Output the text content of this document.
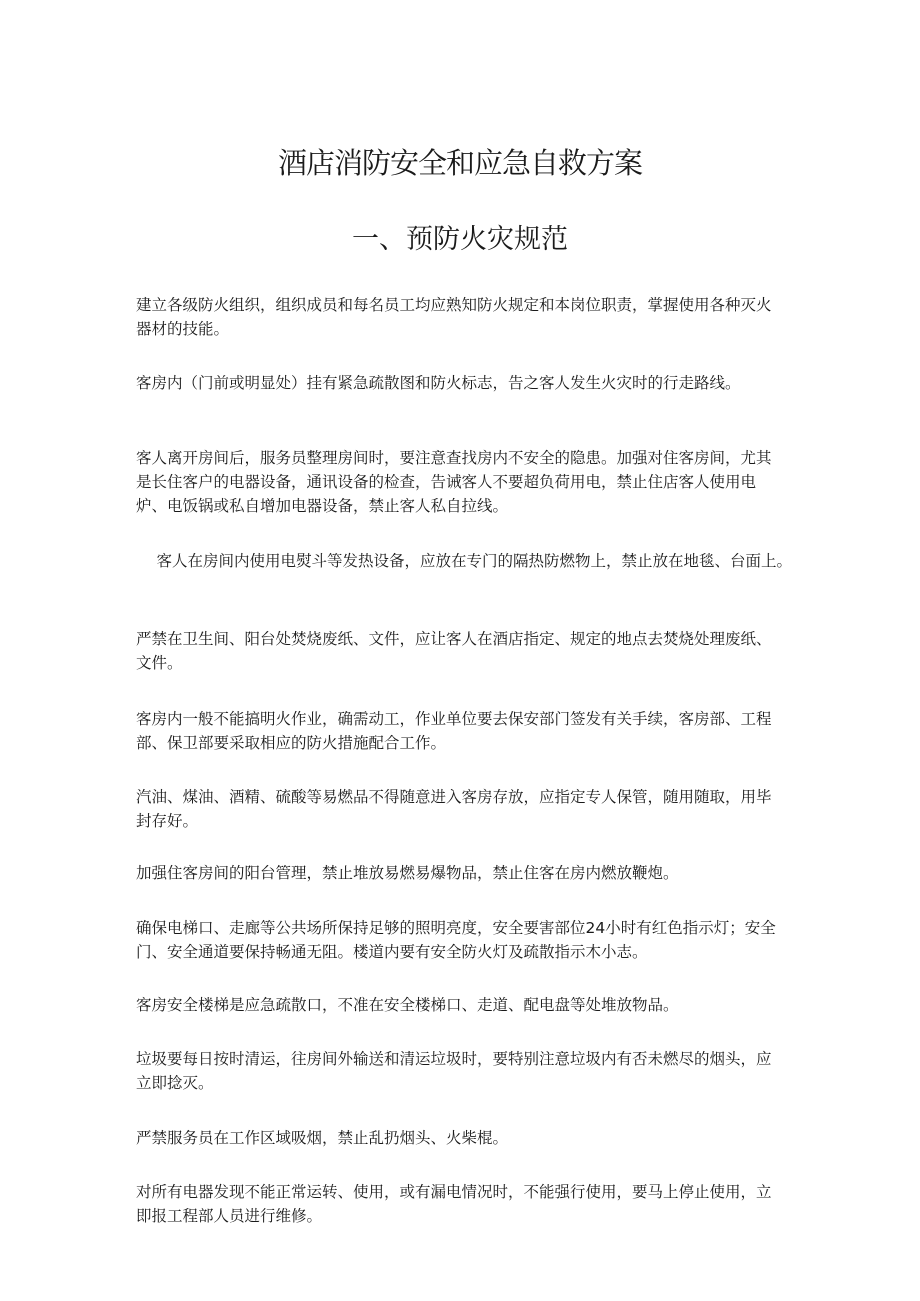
酒店消防安全和应急自救方案
一、预防火灾规范

建立各级防火组织，组织成员和每名员工均应熟知防火规定和本岗位职责，掌握使用各种灭火器材的技能。

客房内（门前或明显处）挂有紧急疏散图和防火标志，告之客人发生火灾时的行走路线。

客人离开房间后，服务员整理房间时，要注意查找房内不安全的隐患。加强对住客房间，尤其是长住客户的电器设备，通讯设备的检查，告诫客人不要超负荷用电，禁止住店客人使用电炉、电饭锅或私自增加电器设备，禁止客人私自拉线。

客人在房间内使用电熨斗等发热设备，应放在专门的隔热防燃物上，禁止放在地毯、台面上。

严禁在卫生间、阳台处焚烧废纸、文件，应让客人在酒店指定、规定的地点去焚烧处理废纸、文件。

客房内一般不能搞明火作业，确需动工，作业单位要去保安部门签发有关手续，客房部、工程部、保卫部要采取相应的防火措施配合工作。

汽油、煤油、酒精、硫酸等易燃品不得随意进入客房存放，应指定专人保管，随用随取，用毕封存好。

加强住客房间的阳台管理，禁止堆放易燃易爆物品，禁止住客在房内燃放鞭炮。

确保电梯口、走廊等公共场所保持足够的照明亮度，安全要害部位24小时有红色指示灯；安全门、安全通道要保持畅通无阻。楼道内要有安全防火灯及疏散指示木小志。

客房安全楼梯是应急疏散口，不准在安全楼梯口、走道、配电盘等处堆放物品。

垃圾要每日按时清运，往房间外输送和清运垃圾时，要特别注意垃圾内有否未燃尽的烟头，应立即捻灭。

严禁服务员在工作区域吸烟，禁止乱扔烟头、火柴棍。

对所有电器发现不能正常运转、使用，或有漏电情况时，不能强行使用，要马上停止使用，立即报工程部人员进行维修。
